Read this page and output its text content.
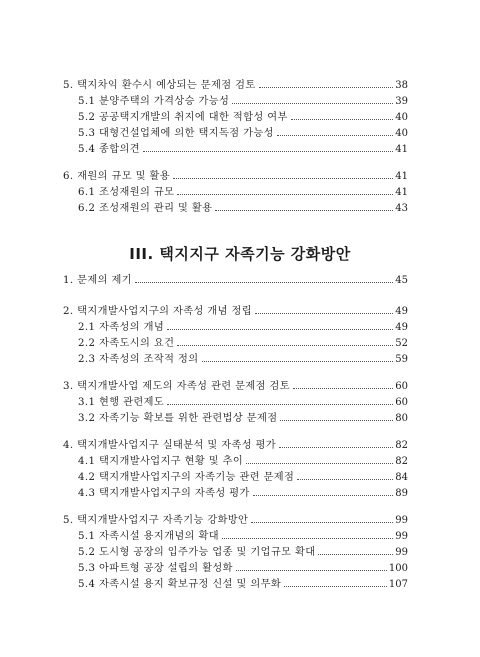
5. 택지차익 환수시 예상되는 문제점 검토	38
5.1 분양주택의 가격상승 가능성	39
5.2 공공택지개발의 취지에 대한 적합성 여부	40
5.3 대형건설업체에 의한 택지독점 가능성	40
5.4 종합의견	41
6. 재원의 규모 및 활용	41
6.1 조성재원의 규모	41
6.2 조성재원의 관리 및 활용	43
III. 택지지구 자족기능 강화방안
1. 문제의 제기	45
2. 택지개발사업지구의 자족성 개념 정립	49
2.1 자족성의 개념	49
2.2 자족도시의 요건	52
2.3 자족성의 조작적 정의	59
3. 택지개발사업 제도의 자족성 관련 문제점 검토	60
3.1 현행 관련제도	60
3.2 자족기능 확보를 위한 관련법상 문제점	80
4. 택지개발사업지구 실태분석 및 자족성 평가	82
4.1 택지개발사업지구 현황 및 추이	82
4.2 택지개발사업지구의 자족기능 관련 문제점	84
4.3 택지개발사업지구의 자족성 평가	89
5. 택지개발사업지구 자족기능 강화방안	99
5.1 자족시설 용지개념의 확대	99
5.2 도시형 공장의 입주가능 업종 및 기업규모 확대	99
5.3 아파트형 공장 설립의 활성화	100
5.4 자족시설 용지 확보규정 신설 및 의무화	107
